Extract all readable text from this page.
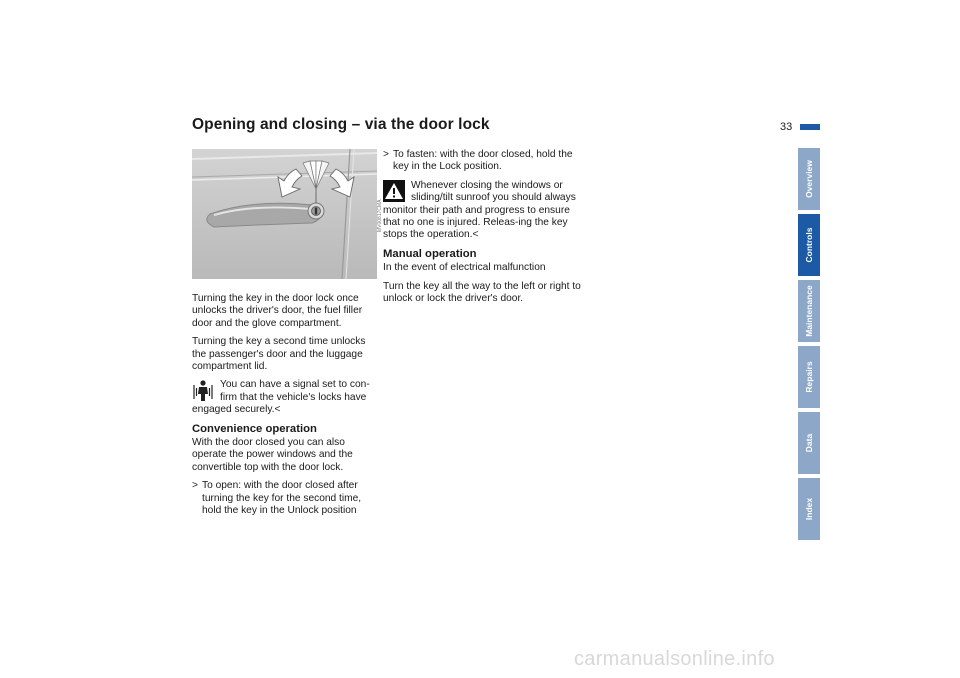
Opening and closing – via the door lock	33
MV00817CMA

Turning the key in the door lock once unlocks the driver's door, the fuel filler door and the glove compartment.

Turning the key a second time unlocks the passenger's door and the luggage compartment lid.

You can have a signal set to con-firm that the vehicle's locks have engaged securely.<
Convenience operation

With the door closed you can also operate the power windows and the convertible top with the door lock.

> To open: with the door closed after turning the key for the second time, hold the key in the Unlock position
> To fasten: with the door closed, hold the key in the Lock position.
Whenever closing the windows or sliding/tilt sunroof you should always monitor their path and progress to ensure that no one is injured. Releas-ing the key stops the operation.<
Manual operation

In the event of electrical malfunction

Turn the key all the way to the left or right to unlock or lock the driver's door.

Overview
Controls
Maintenance
Repairs
Data
Index
carmanualsonline.info
